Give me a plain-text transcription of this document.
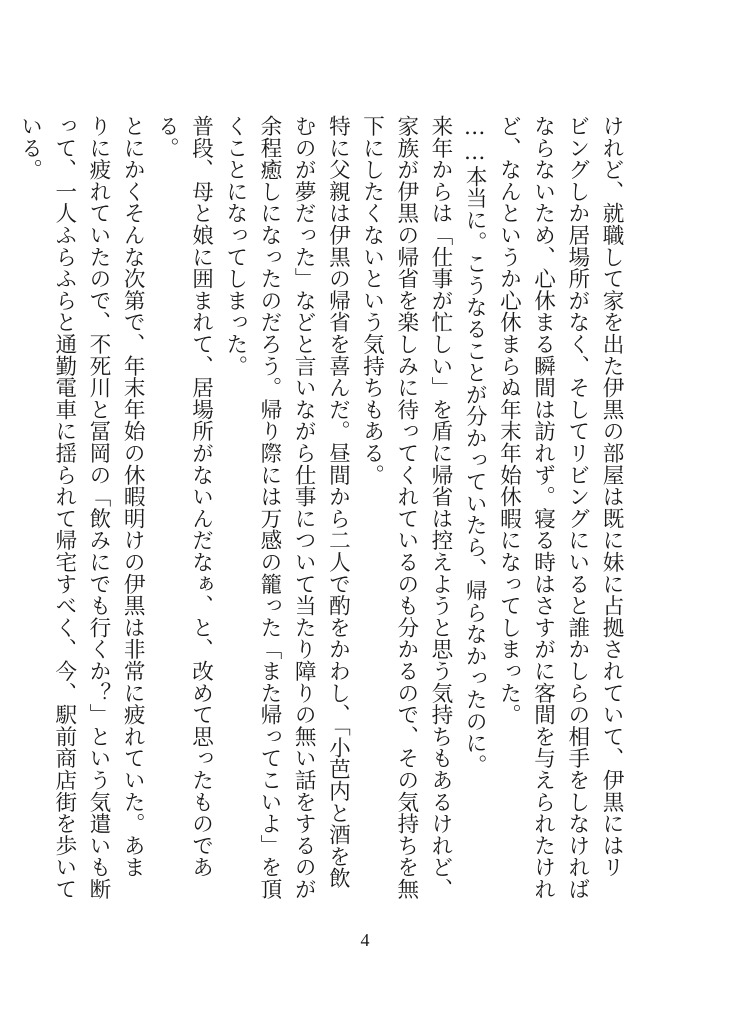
けれど、就職して家を出た伊黒の部屋は既に妹に占拠されていて、伊黒にはリ
ビングしか居場所がなく、そしてリビングにいると誰かしらの相手をしなければ
ならないため、心休まる瞬間は訪れず。寝る時はさすがに客間を与えられたけれ
ど、なんというか心休まらぬ年末年始休暇になってしまった。
……本当に。こうなることが分かっていたら、帰らなかったのに。
来年からは「仕事が忙しい」を盾に帰省は控えようと思う気持ちもあるけれど、
家族が伊黒の帰省を楽しみに待ってくれているのも分かるので、その気持ちを無
下にしたくないという気持ちもある。
特に父親は伊黒の帰省を喜んだ。昼間から二人で酌をかわし、「小芭内と酒を飲
むのが夢だった」などと言いながら仕事について当たり障りの無い話をするのが
余程癒しになったのだろう。帰り際には万感の籠った「また帰ってこいよ」を頂
くことになってしまった。
普段、母と娘に囲まれて、居場所がないんだなぁ、と、改めて思ったものであ
る。
とにかくそんな次第で、年末年始の休暇明けの伊黒は非常に疲れていた。あま
りに疲れていたので、不死川と冨岡の「飲みにでも行くか？」という気遣いも断
って、一人ふらふらと通勤電車に揺られて帰宅すべく、今、駅前商店街を歩いて
いる。
4
